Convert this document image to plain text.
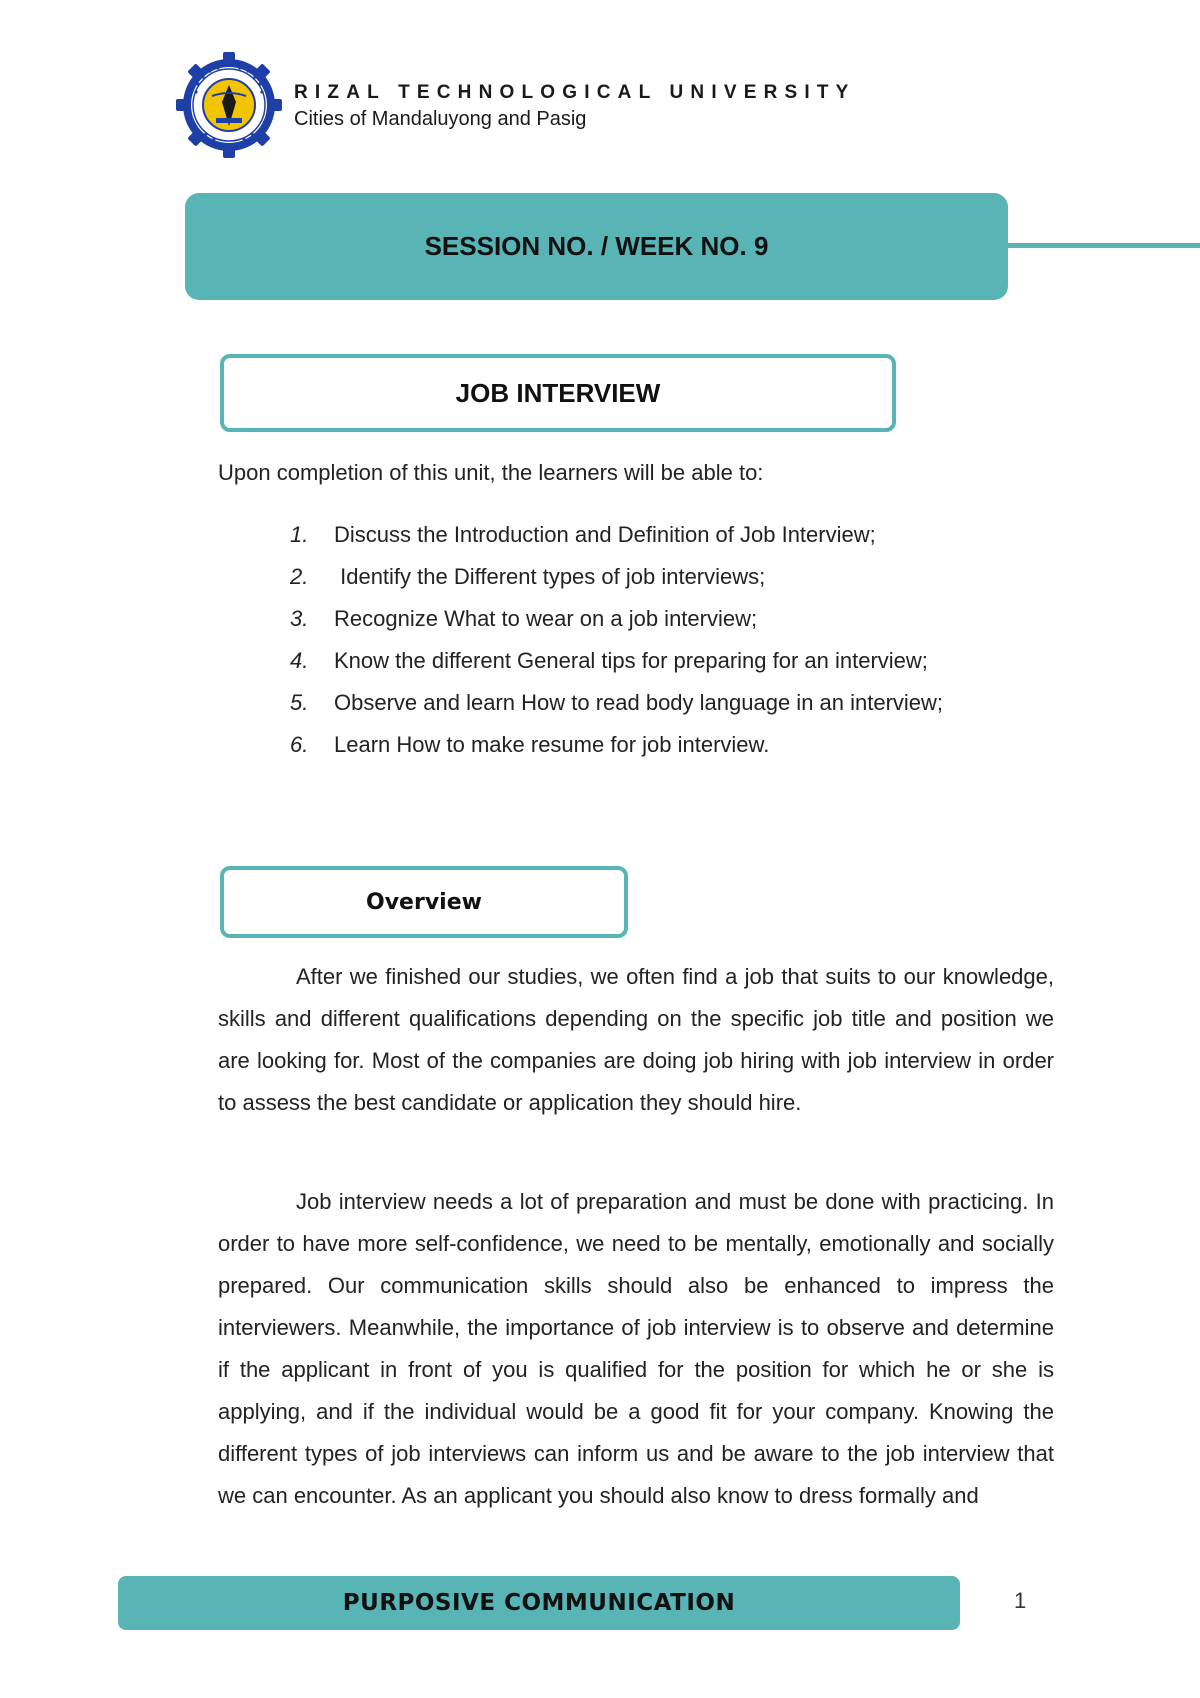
RIZAL TECHNOLOGICAL UNIVERSITY
Cities of Mandaluyong and Pasig
SESSION NO. / WEEK NO. 9
JOB INTERVIEW
Upon completion of this unit, the learners will be able to:
1.	Discuss the Introduction and Definition of Job Interview;
2.	Identify the Different types of job interviews;
3.	Recognize What to wear on a job interview;
4.	Know the different General tips for preparing for an interview;
5.	Observe and learn How to read body language in an interview;
6.	Learn How to make resume for job interview.
Overview

After we finished our studies, we often find a job that suits to our knowledge, skills and different qualifications depending on the specific job title and position we are looking for. Most of the companies are doing job hiring with job interview in order to assess the best candidate or application they should hire.

Job interview needs a lot of preparation and must be done with practicing. In order to have more self-confidence, we need to be mentally, emotionally and socially prepared. Our communication skills should also be enhanced to impress the interviewers. Meanwhile, the importance of job interview is to observe and determine if the applicant in front of you is qualified for the position for which he or she is applying, and if the individual would be a good fit for your company. Knowing the different types of job interviews can inform us and be aware to the job interview that we can encounter. As an applicant you should also know to dress formally and

PURPOSIVE COMMUNICATION	1
